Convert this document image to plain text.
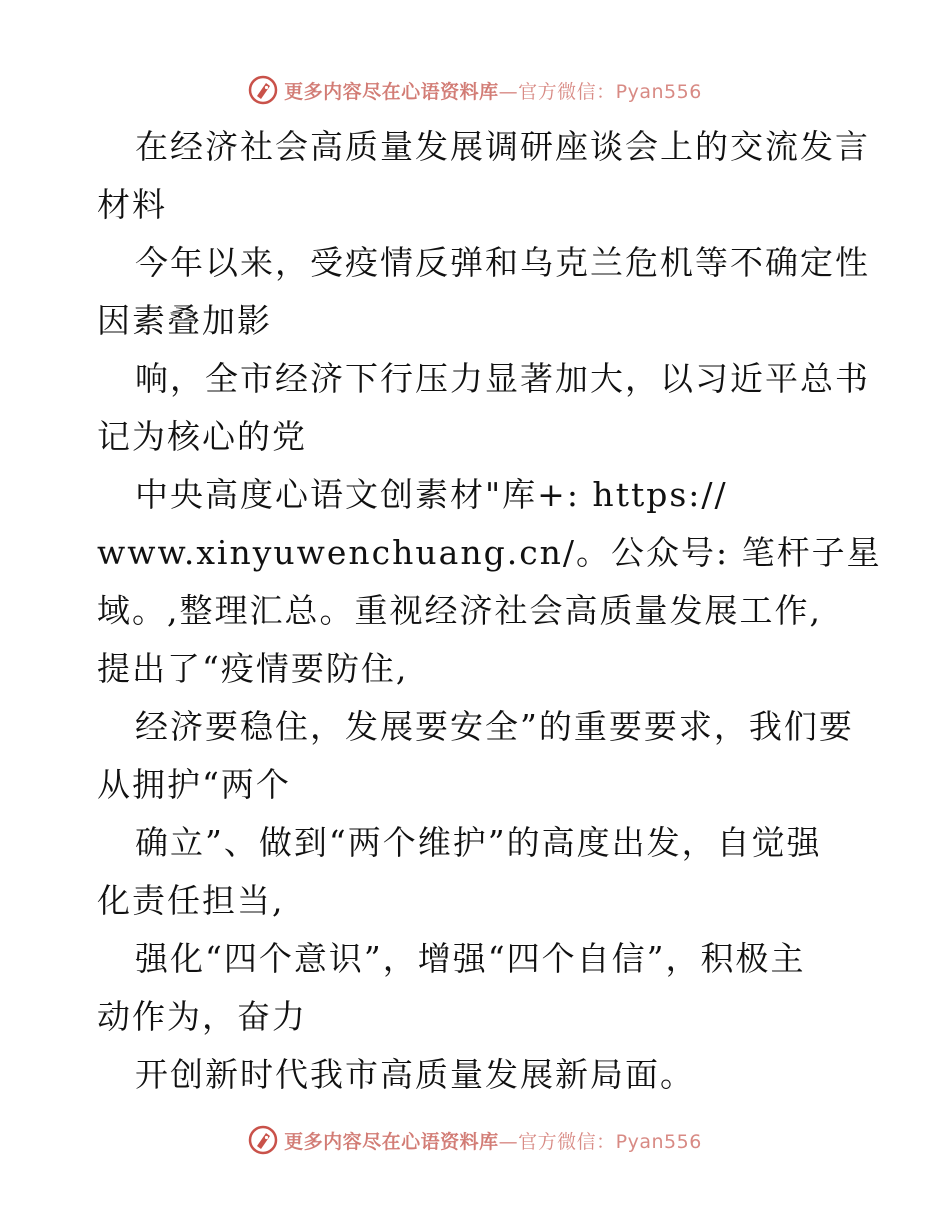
更多内容尽在心语资料库—官方微信：Pyan556
在经济社会高质量发展调研座谈会上的交流发言
材料
今年以来，受疫情反弹和乌克兰危机等不确定性
因素叠加影
响，全市经济下行压力显著加大，以习近平总书
记为核心的党
中央高度心语文创素材"库+: https://
www.xinyuwenchuang.cn/。公众号: 笔杆子星
域。,整理汇总。重视经济社会高质量发展工作,
提出了“疫情要防住,
经济要稳住，发展要安全”的重要要求，我们要
从拥护“两个
确立”、做到“两个维护”的高度出发，自觉强
化责任担当,
强化“四个意识”，增强“四个自信”，积极主
动作为，奋力
开创新时代我市高质量发展新局面。
更多内容尽在心语资料库—官方微信：Pyan556
